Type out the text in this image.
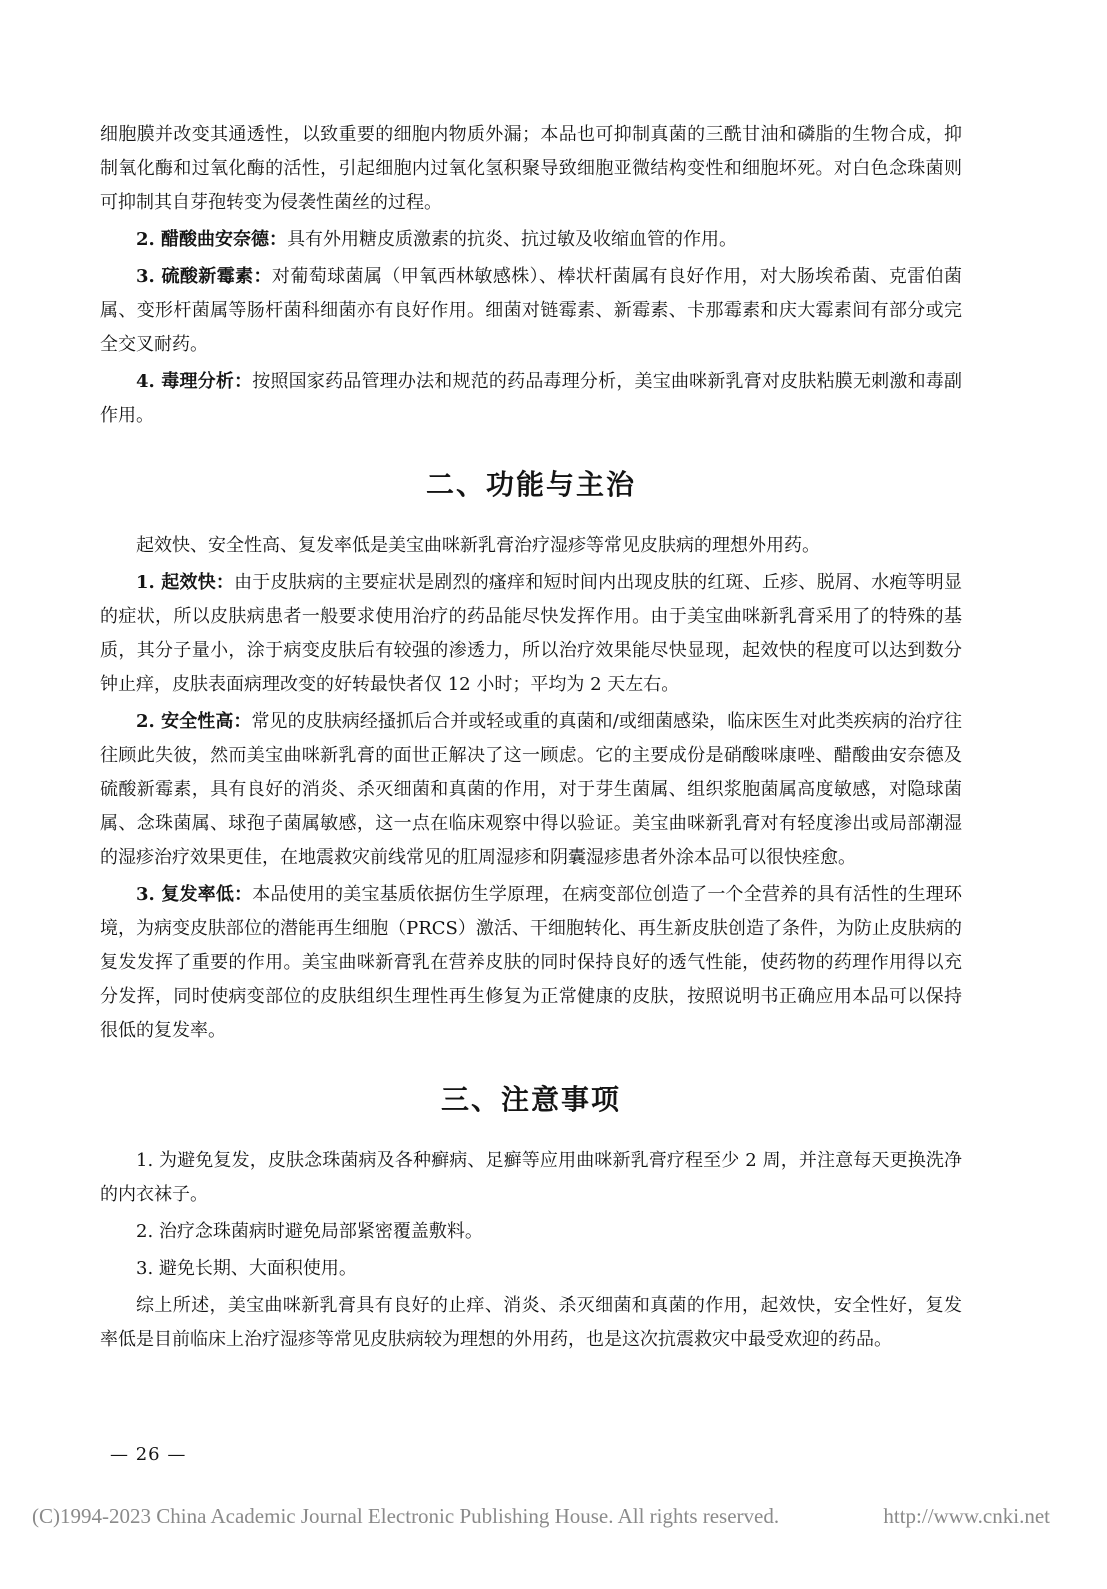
细胞膜并改变其通透性，以致重要的细胞内物质外漏；本品也可抑制真菌的三酰甘油和磷脂的生物合成，抑制氧化酶和过氧化酶的活性，引起细胞内过氧化氢积聚导致细胞亚微结构变性和细胞坏死。对白色念珠菌则可抑制其自芽孢转变为侵袭性菌丝的过程。

2. 醋酸曲安奈德：具有外用糖皮质激素的抗炎、抗过敏及收缩血管的作用。

3. 硫酸新霉素：对葡萄球菌属（甲氧西林敏感株）、棒状杆菌属有良好作用，对大肠埃希菌、克雷伯菌属、变形杆菌属等肠杆菌科细菌亦有良好作用。细菌对链霉素、新霉素、卡那霉素和庆大霉素间有部分或完全交叉耐药。

4. 毒理分析：按照国家药品管理办法和规范的药品毒理分析，美宝曲咪新乳膏对皮肤粘膜无刺激和毒副作用。

二、功能与主治

起效快、安全性高、复发率低是美宝曲咪新乳膏治疗湿疹等常见皮肤病的理想外用药。

1. 起效快：由于皮肤病的主要症状是剧烈的瘙痒和短时间内出现皮肤的红斑、丘疹、脱屑、水疱等明显的症状，所以皮肤病患者一般要求使用治疗的药品能尽快发挥作用。由于美宝曲咪新乳膏采用了的特殊的基质，其分子量小，涂于病变皮肤后有较强的渗透力，所以治疗效果能尽快显现，起效快的程度可以达到数分钟止痒，皮肤表面病理改变的好转最快者仅 12 小时；平均为 2 天左右。

2. 安全性高：常见的皮肤病经搔抓后合并或轻或重的真菌和/或细菌感染，临床医生对此类疾病的治疗往往顾此失彼，然而美宝曲咪新乳膏的面世正解决了这一顾虑。它的主要成份是硝酸咪康唑、醋酸曲安奈德及硫酸新霉素，具有良好的消炎、杀灭细菌和真菌的作用，对于芽生菌属、组织浆胞菌属高度敏感，对隐球菌属、念珠菌属、球孢子菌属敏感，这一点在临床观察中得以验证。美宝曲咪新乳膏对有轻度渗出或局部潮湿的湿疹治疗效果更佳，在地震救灾前线常见的肛周湿疹和阴囊湿疹患者外涂本品可以很快痊愈。

3. 复发率低：本品使用的美宝基质依据仿生学原理，在病变部位创造了一个全营养的具有活性的生理环境，为病变皮肤部位的潜能再生细胞（PRCS）激活、干细胞转化、再生新皮肤创造了条件，为防止皮肤病的复发发挥了重要的作用。美宝曲咪新膏乳在营养皮肤的同时保持良好的透气性能，使药物的药理作用得以充分发挥，同时使病变部位的皮肤组织生理性再生修复为正常健康的皮肤，按照说明书正确应用本品可以保持很低的复发率。

三、注意事项

1. 为避免复发，皮肤念珠菌病及各种癣病、足癣等应用曲咪新乳膏疗程至少 2 周，并注意每天更换洗净的内衣袜子。

2. 治疗念珠菌病时避免局部紧密覆盖敷料。

3. 避免长期、大面积使用。

综上所述，美宝曲咪新乳膏具有良好的止痒、消炎、杀灭细菌和真菌的作用，起效快，安全性好，复发率低是目前临床上治疗湿疹等常见皮肤病较为理想的外用药，也是这次抗震救灾中最受欢迎的药品。

— 26 —
(C)1994-2023 China Academic Journal Electronic Publishing House. All rights reserved.	http://www.cnki.net
